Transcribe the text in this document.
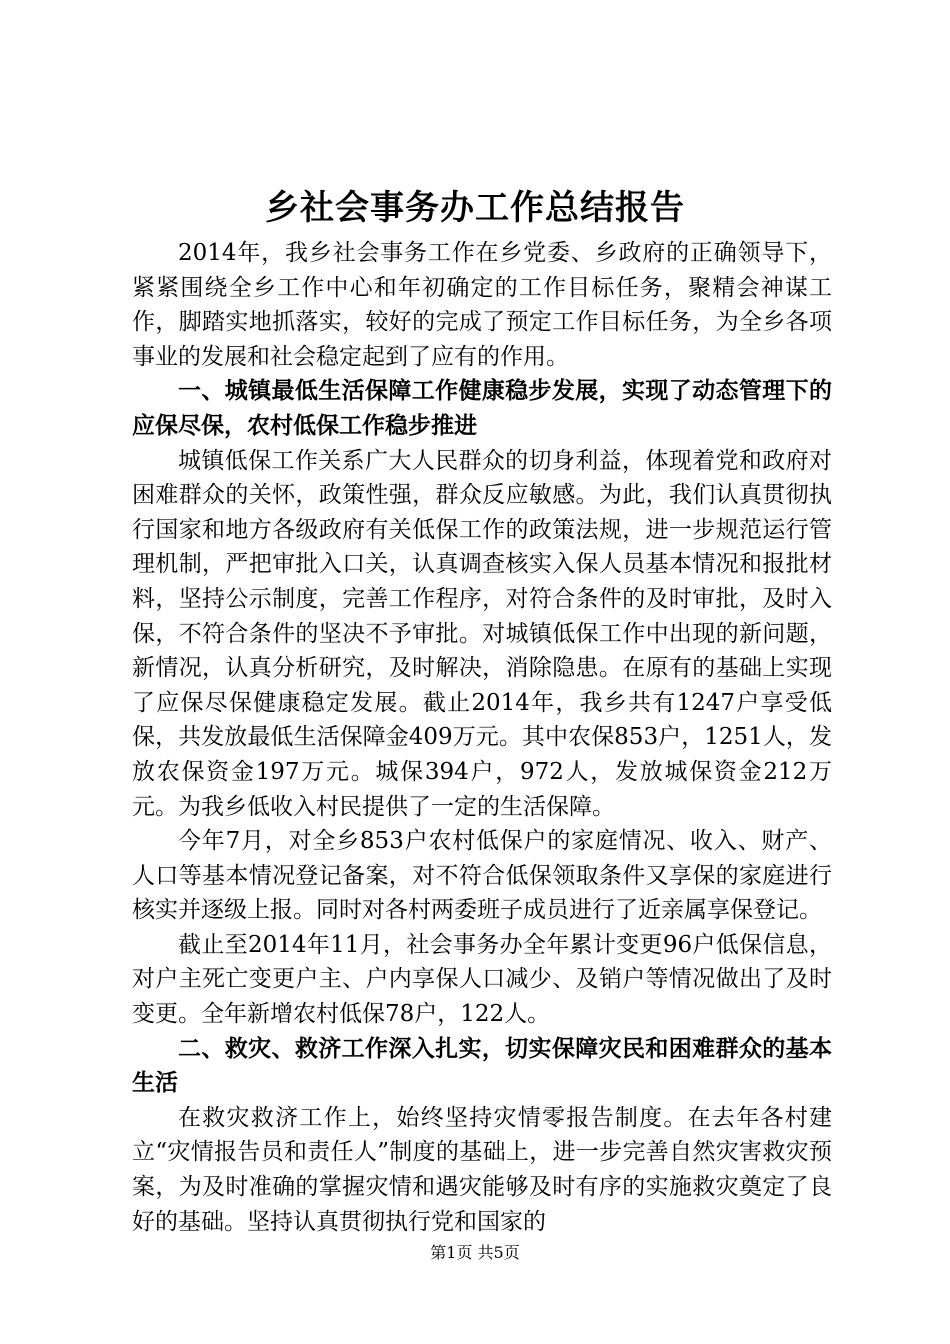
乡社会事务办工作总结报告

2014年，我乡社会事务工作在乡党委、乡政府的正确领导下，紧紧围绕全乡工作中心和年初确定的工作目标任务，聚精会神谋工作，脚踏实地抓落实，较好的完成了预定工作目标任务，为全乡各项事业的发展和社会稳定起到了应有的作用。

一、城镇最低生活保障工作健康稳步发展，实现了动态管理下的应保尽保，农村低保工作稳步推进

城镇低保工作关系广大人民群众的切身利益，体现着党和政府对困难群众的关怀，政策性强，群众反应敏感。为此，我们认真贯彻执行国家和地方各级政府有关低保工作的政策法规，进一步规范运行管理机制，严把审批入口关，认真调查核实入保人员基本情况和报批材料，坚持公示制度，完善工作程序，对符合条件的及时审批，及时入保，不符合条件的坚决不予审批。对城镇低保工作中出现的新问题，新情况，认真分析研究，及时解决，消除隐患。在原有的基础上实现了应保尽保健康稳定发展。截止2014年，我乡共有1247户享受低保，共发放最低生活保障金409万元。其中农保853户，1251人，发放农保资金197万元。城保394户，972人，发放城保资金212万元。为我乡低收入村民提供了一定的生活保障。

今年7月，对全乡853户农村低保户的家庭情况、收入、财产、人口等基本情况登记备案，对不符合低保领取条件又享保的家庭进行核实并逐级上报。同时对各村两委班子成员进行了近亲属享保登记。

截止至2014年11月，社会事务办全年累计变更96户低保信息，对户主死亡变更户主、户内享保人口减少、及销户等情况做出了及时变更。全年新增农村低保78户，122人。

二、救灾、救济工作深入扎实，切实保障灾民和困难群众的基本生活

在救灾救济工作上，始终坚持灾情零报告制度。在去年各村建立“灾情报告员和责任人”制度的基础上，进一步完善自然灾害救灾预案，为及时准确的掌握灾情和遇灾能够及时有序的实施救灾奠定了良好的基础。坚持认真贯彻执行党和国家的

第1页 共5页
